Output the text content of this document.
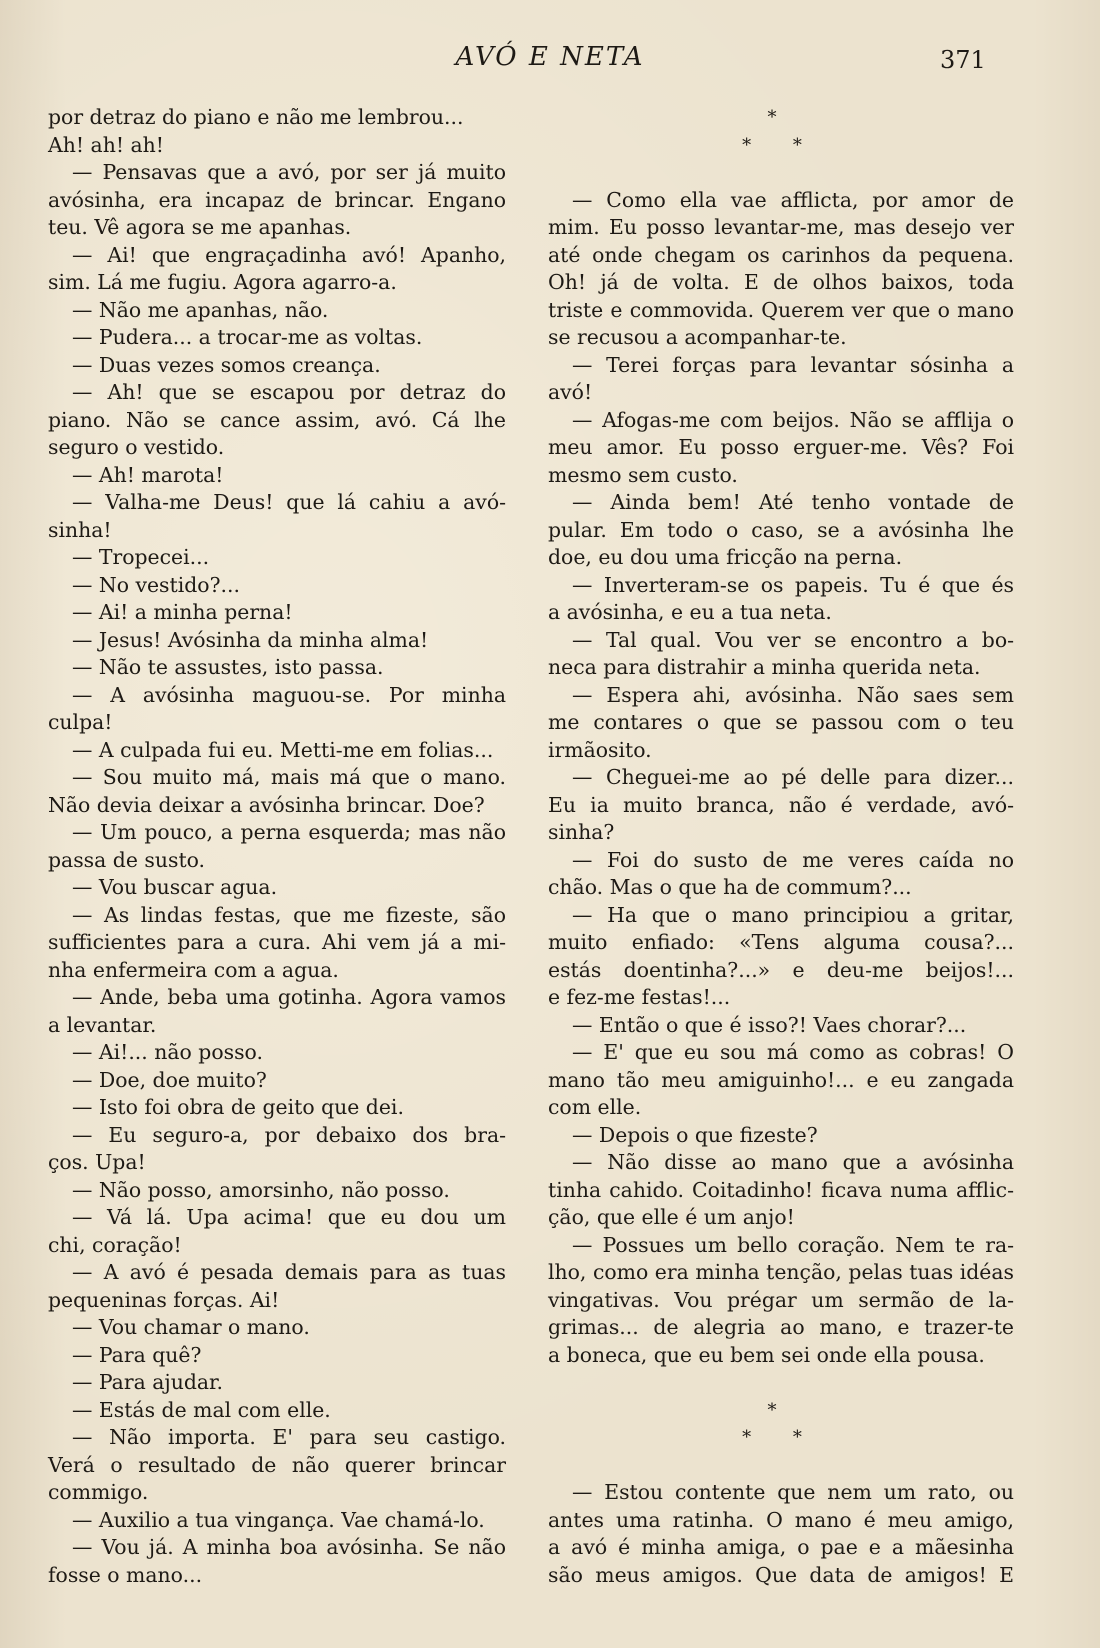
AVÓ E NETA	371
por detraz do piano e não me lembrou...
Ah! ah! ah!
— Pensavas que a avó, por ser já muito
avósinha, era incapaz de brincar. Engano
teu. Vê agora se me apanhas.
— Ai! que engraçadinha avó! Apanho,
sim. Lá me fugiu. Agora agarro-a.
— Não me apanhas, não.
— Pudera... a trocar-me as voltas.
— Duas vezes somos creança.
— Ah! que se escapou por detraz do
piano. Não se cance assim, avó. Cá lhe
seguro o vestido.
— Ah! marota!
— Valha-me Deus! que lá cahiu a avó-
sinha!
— Tropecei...
— No vestido?...
— Ai! a minha perna!
— Jesus! Avósinha da minha alma!
— Não te assustes, isto passa.
— A avósinha maguou-se. Por minha
culpa!
— A culpada fui eu. Metti-me em folias...
— Sou muito má, mais má que o mano.
Não devia deixar a avósinha brincar. Doe?
— Um pouco, a perna esquerda; mas não
passa de susto.
— Vou buscar agua.
— As lindas festas, que me fizeste, são
sufficientes para a cura. Ahi vem já a mi-
nha enfermeira com a agua.
— Ande, beba uma gotinha. Agora vamos
a levantar.
— Ai!... não posso.
— Doe, doe muito?
— Isto foi obra de geito que dei.
— Eu seguro-a, por debaixo dos bra-
ços. Upa!
— Não posso, amorsinho, não posso.
— Vá lá. Upa acima! que eu dou um
chi, coração!
— A avó é pesada demais para as tuas
pequeninas forças. Ai!
— Vou chamar o mano.
— Para quê?
— Para ajudar.
— Estás de mal com elle.
— Não importa. E' para seu castigo.
Verá o resultado de não querer brincar
commigo.
— Auxilio a tua vingança. Vae chamá-lo.
— Vou já. A minha boa avósinha. Se não
fosse o mano...
*
* *
— Como ella vae afflicta, por amor de
mim. Eu posso levantar-me, mas desejo ver
até onde chegam os carinhos da pequena.
Oh! já de volta. E de olhos baixos, toda
triste e commovida. Querem ver que o mano
se recusou a acompanhar-te.
— Terei forças para levantar sósinha a
avó!
— Afogas-me com beijos. Não se afflija o
meu amor. Eu posso erguer-me. Vês? Foi
mesmo sem custo.
— Ainda bem! Até tenho vontade de
pular. Em todo o caso, se a avósinha lhe
doe, eu dou uma fricção na perna.
— Inverteram-se os papeis. Tu é que és
a avósinha, e eu a tua neta.
— Tal qual. Vou ver se encontro a bo-
neca para distrahir a minha querida neta.
— Espera ahi, avósinha. Não saes sem
me contares o que se passou com o teu
irmãosito.
— Cheguei-me ao pé delle para dizer...
Eu ia muito branca, não é verdade, avó-
sinha?
— Foi do susto de me veres caída no
chão. Mas o que ha de commum?...
— Ha que o mano principiou a gritar,
muito enfiado: «Tens alguma cousa?...
estás doentinha?...» e deu-me beijos!...
e fez-me festas!...
— Então o que é isso?! Vaes chorar?...
— E' que eu sou má como as cobras! O
mano tão meu amiguinho!... e eu zangada
com elle.
— Depois o que fizeste?
— Não disse ao mano que a avósinha
tinha cahido. Coitadinho! ficava numa afflic-
ção, que elle é um anjo!
— Possues um bello coração. Nem te ra-
lho, como era minha tenção, pelas tuas idéas
vingativas. Vou prégar um sermão de la-
grimas... de alegria ao mano, e trazer-te
a boneca, que eu bem sei onde ella pousa.
*
* *
— Estou contente que nem um rato, ou
antes uma ratinha. O mano é meu amigo,
a avó é minha amiga, o pae e a mãesinha
são meus amigos. Que data de amigos! E
